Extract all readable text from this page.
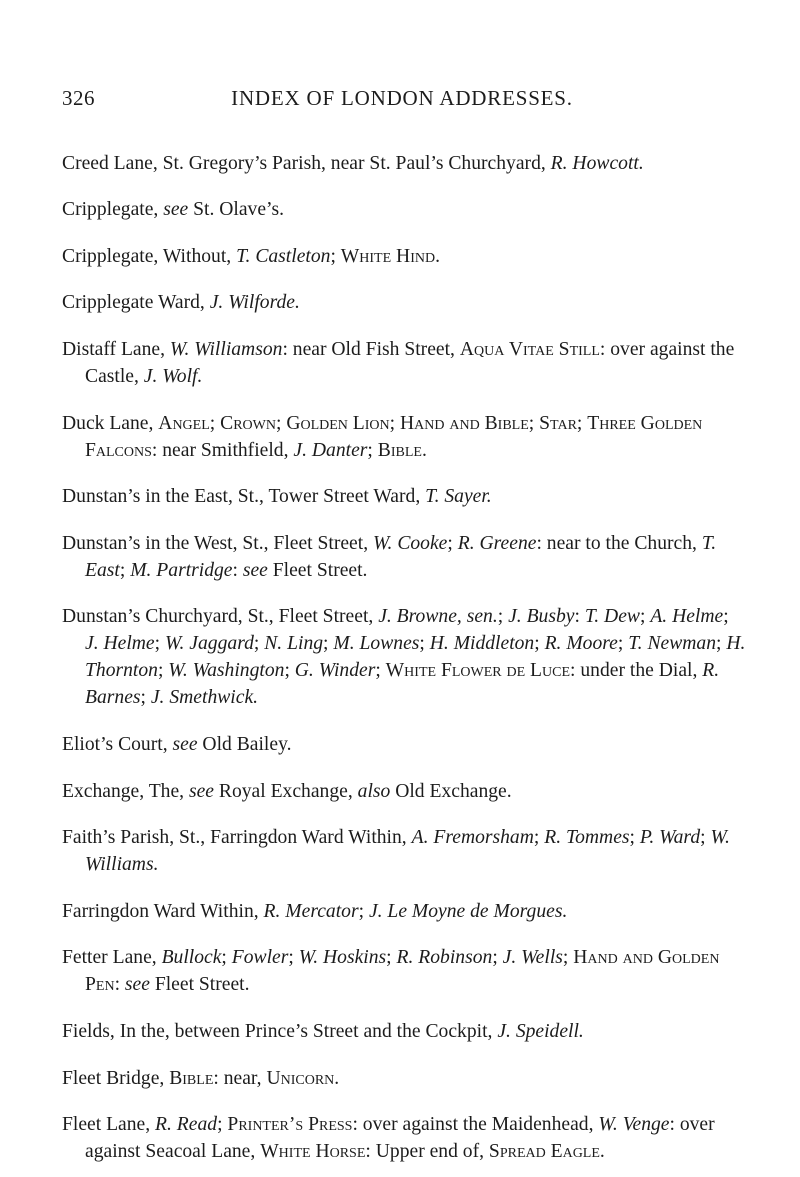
326	INDEX OF LONDON ADDRESSES.

Creed Lane, St. Gregory’s Parish, near St. Paul’s Churchyard, R. Howcott.

Cripplegate, see St. Olave’s.

Cripplegate, Without, T. Castleton; White Hind.

Cripplegate Ward, J. Wilforde.

Distaff Lane, W. Williamson: near Old Fish Street, Aqua Vitae Still: over against the Castle, J. Wolf.

Duck Lane, Angel; Crown; Golden Lion; Hand and Bible; Star; Three Golden Falcons: near Smithfield, J. Danter; Bible.

Dunstan’s in the East, St., Tower Street Ward, T. Sayer.

Dunstan’s in the West, St., Fleet Street, W. Cooke; R. Greene: near to the Church, T. East; M. Partridge: see Fleet Street.

Dunstan’s Churchyard, St., Fleet Street, J. Browne, sen.; J. Busby: T. Dew; A. Helme; J. Helme; W. Jaggard; N. Ling; M. Lownes; H. Middleton; R. Moore; T. Newman; H. Thornton; W. Washington; G. Winder; White Flower de Luce: under the Dial, R. Barnes; J. Smethwick.

Eliot’s Court, see Old Bailey.

Exchange, The, see Royal Exchange, also Old Exchange.

Faith’s Parish, St., Farringdon Ward Within, A. Fremorsham; R. Tommes; P. Ward; W. Williams.

Farringdon Ward Within, R. Mercator; J. Le Moyne de Morgues.

Fetter Lane, Bullock; Fowler; W. Hoskins; R. Robinson; J. Wells; Hand and Golden Pen: see Fleet Street.

Fields, In the, between Prince’s Street and the Cockpit, J. Speidell.

Fleet Bridge, Bible: near, Unicorn.

Fleet Lane, R. Read; Printer’s Press: over against the Maidenhead, W. Venge: over against Seacoal Lane, White Horse: Upper end of, Spread Eagle.
